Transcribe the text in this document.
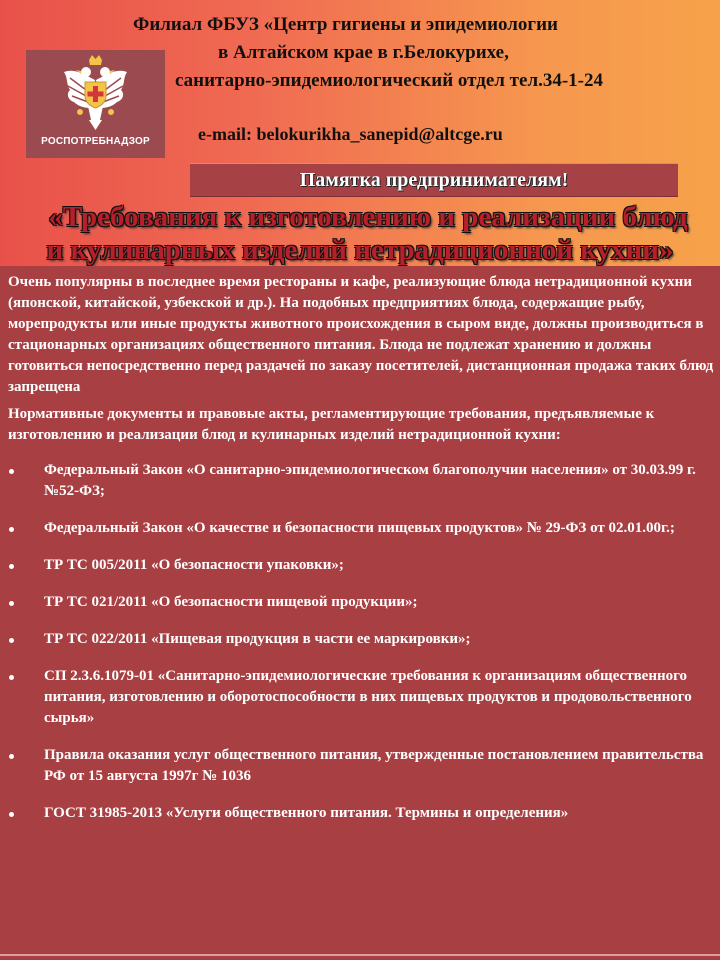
Филиал ФБУЗ «Центр гигиены и эпидемиологии
в Алтайском крае в г.Белокурихе,
санитарно-эпидемиологический отдел тел.34-1-24
e-mail: belokurikha_sanepid@altcge.ru
РОСПОТРЕБНАДЗОР
Памятка предпринимателям!
«Требования к изготовлению и реализации блюд
и кулинарных изделий нетрадиционной кухни»

Очень популярны в последнее время рестораны и кафе, реализующие блюда нетрадиционной кухни (японской, китайской, узбекской и др.). На подобных предприятиях блюда, содержащие рыбу, морепродукты или иные продукты животного происхождения в сыром виде, должны производиться в стационарных организациях общественного питания. Блюда не подлежат хранению и должны готовиться непосредственно перед раздачей по заказу посетителей, дистанционная продажа таких блюд запрещена

Нормативные документы и правовые акты, регламентирующие требования, предъявляемые к изготовлению и реализации блюд и кулинарных изделий нетрадиционной кухни:

Федеральный Закон «О санитарно-эпидемиологическом благополучии населения» от 30.03.99 г. №52-ФЗ;
Федеральный Закон «О качестве и безопасности пищевых продуктов» № 29-ФЗ от 02.01.00г.;
ТР ТС 005/2011 «О безопасности упаковки»;
ТР ТС 021/2011 «О безопасности пищевой продукции»;
ТР ТС 022/2011 «Пищевая продукция в части ее маркировки»;
СП 2.3.6.1079-01 «Санитарно-эпидемиологические требования к организациям общественного питания, изготовлению и оборотоспособности в них пищевых продуктов и продовольственного сырья»
Правила оказания услуг общественного питания, утвержденные постановлением правительства РФ от 15 августа 1997г № 1036
ГОСТ 31985-2013 «Услуги общественного питания. Термины и определения»
